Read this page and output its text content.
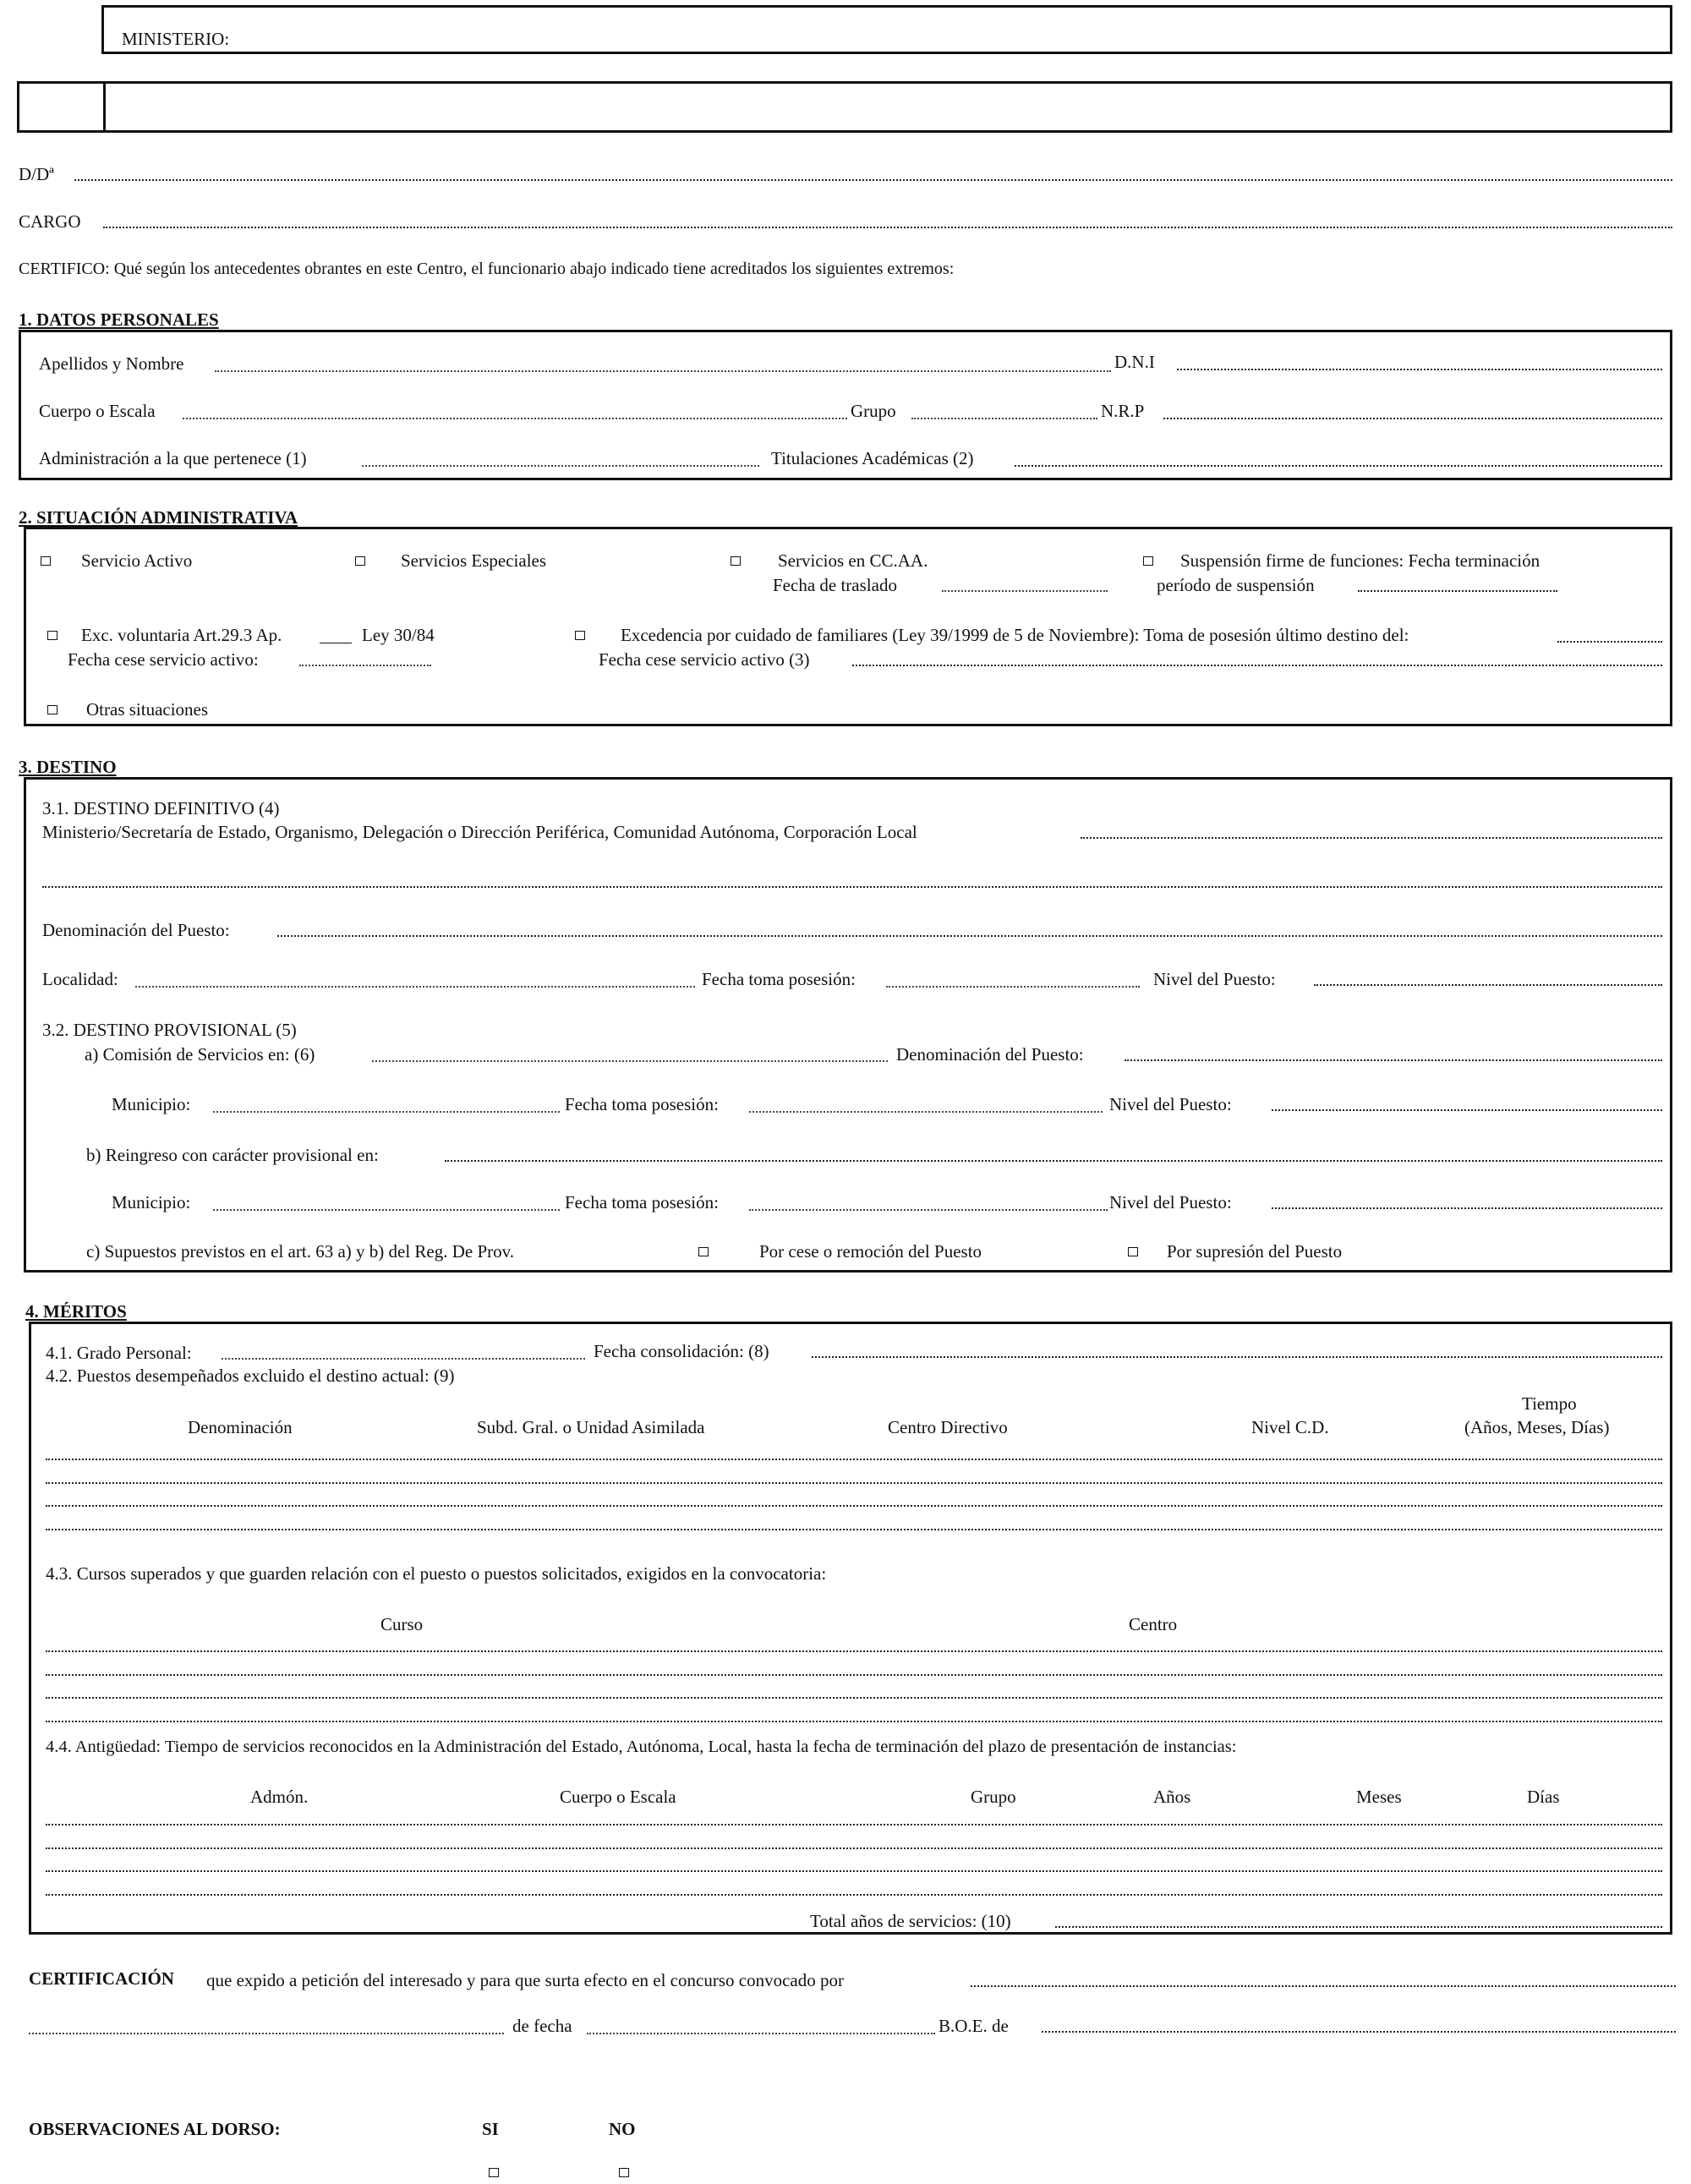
MINISTERIO:
D/Dª
CARGO
CERTIFICO: Qué según los antecedentes obrantes en este Centro, el funcionario abajo indicado tiene acreditados los siguientes extremos:
1. DATOS PERSONALES
Apellidos y Nombre	D.N.I
Cuerpo o Escala	Grupo	N.R.P
Administración a la que pertenece (1)	Titulaciones Académicas (2)
2. SITUACIÓN ADMINISTRATIVA
Servicio Activo	Servicios Especiales	Servicios en CC.AA.
Fecha de traslado
Suspensión firme de funciones: Fecha terminación
período de suspensión
Exc. voluntaria Art.29.3 Ap.	Ley 30/84
Fecha cese servicio activo:
Excedencia por cuidado de familiares (Ley 39/1999 de 5 de Noviembre): Toma de posesión último destino del:
Fecha cese servicio activo (3)
Otras situaciones
3. DESTINO
3.1. DESTINO DEFINITIVO (4)
Ministerio/Secretaría de Estado, Organismo, Delegación o Dirección Periférica, Comunidad Autónoma, Corporación Local
Denominación del Puesto:
Localidad:	Fecha toma posesión:	Nivel del Puesto:
3.2. DESTINO PROVISIONAL (5)
a) Comisión de Servicios en: (6)	Denominación del Puesto:
Municipio:	Fecha toma posesión:	Nivel del Puesto:
b) Reingreso con carácter provisional en:
Municipio:	Fecha toma posesión:	Nivel del Puesto:
c) Supuestos previstos en el art. 63 a) y b) del Reg. De Prov.	Por cese o remoción del Puesto	Por supresión del Puesto
4. MÉRITOS
4.1. Grado Personal:	Fecha consolidación: (8)
4.2. Puestos desempeñados excluido el destino actual: (9)
Denominación	Subd. Gral. o Unidad Asimilada	Centro Directivo	Nivel C.D.
Tiempo
(Años, Meses, Días)
4.3. Cursos superados y que guarden relación con el puesto o puestos solicitados, exigidos en la convocatoria:
Curso	Centro
4.4. Antigüedad: Tiempo de servicios reconocidos en la Administración del Estado, Autónoma, Local, hasta la fecha de terminación del plazo de presentación de instancias:
Admón.	Cuerpo o Escala	Grupo	Años	Meses	Días
Total años de servicios: (10)
CERTIFICACIÓN que expido a petición del interesado y para que surta efecto en el concurso convocado por
de fecha	B.O.E. de
OBSERVACIONES AL DORSO:	SI	NO
